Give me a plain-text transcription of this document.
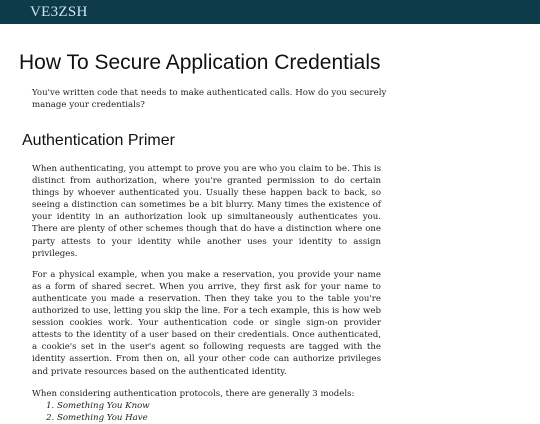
VE3ZSH
How To Secure Application Credentials

You've written code that needs to make authenticated calls. How do you securely manage your credentials?

Authentication Primer

When authenticating, you attempt to prove you are who you claim to be. This is distinct from authorization, where you're granted permission to do certain things by whoever authenticated you. Usually these happen back to back, so seeing a distinction can sometimes be a bit blurry. Many times the existence of your identity in an authorization look up simultaneously authenticates you. There are plenty of other schemes though that do have a distinction where one party attests to your identity while another uses your identity to assign privileges.

For a physical example, when you make a reservation, you provide your name as a form of shared secret. When you arrive, they first ask for your name to authenticate you made a reservation. Then they take you to the table you're authorized to use, letting you skip the line. For a tech example, this is how web session cookies work. Your authentication code or single sign-on provider attests to the identity of a user based on their credentials. Once authenticated, a cookie's set in the user's agent so following requests are tagged with the identity assertion. From then on, all your other code can authorize privileges and private resources based on the authenticated identity.

When considering authentication protocols, there are generally 3 models:

1. Something You Know
2. Something You Have
